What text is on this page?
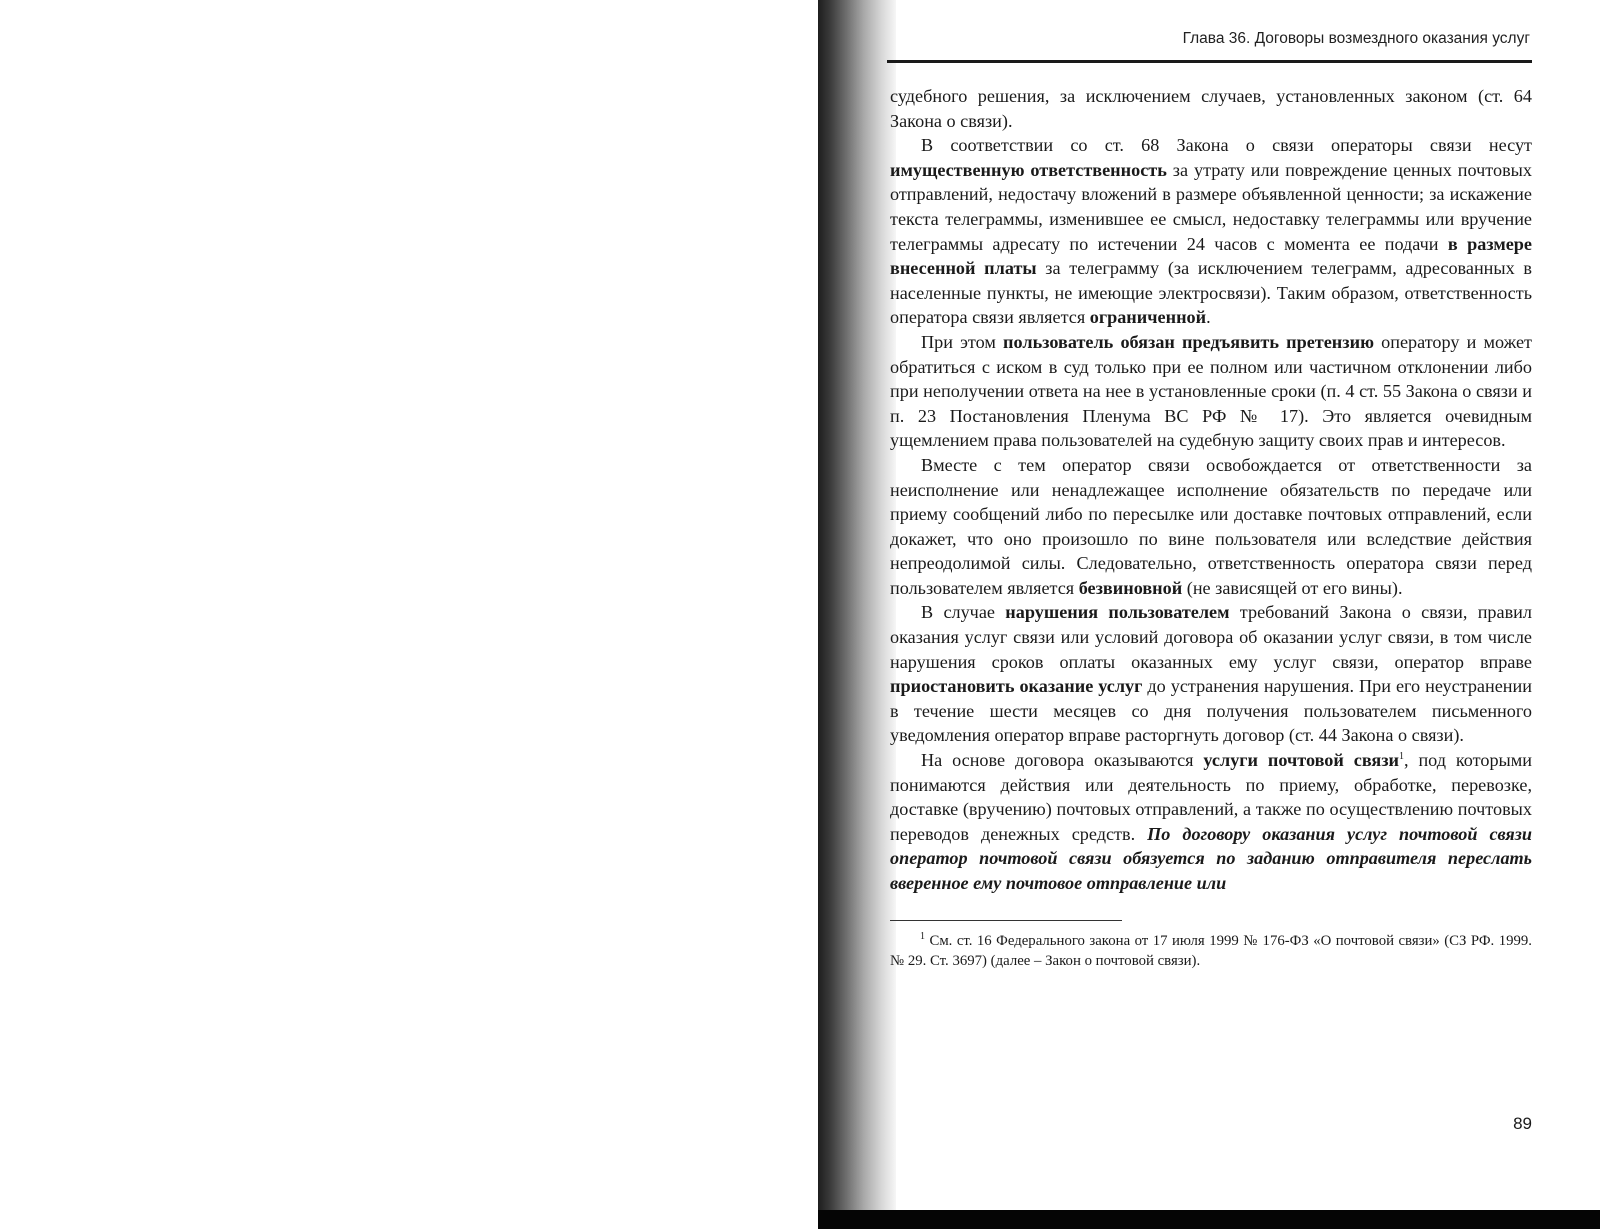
Глава 36. Договоры возмездного оказания услуг

судебного решения, за исключением случаев, установленных законом (ст. 64 Закона о связи).

В соответствии со ст. 68 Закона о связи операторы связи несут имущественную ответственность за утрату или повреждение ценных почтовых отправлений, недостачу вложений в размере объявленной ценности; за искажение текста телеграммы, изменившее ее смысл, недоставку телеграммы или вручение телеграммы адресату по истечении 24 часов с момента ее подачи в размере внесенной платы за телеграмму (за исключением телеграмм, адресованных в населенные пункты, не имеющие электросвязи). Таким образом, ответственность оператора связи является ограниченной.

При этом пользователь обязан предъявить претензию оператору и может обратиться с иском в суд только при ее полном или частичном отклонении либо при неполучении ответа на нее в установленные сроки (п. 4 ст. 55 Закона о связи и п. 23 Постановления Пленума ВС РФ № 17). Это является очевидным ущемлением права пользователей на судебную защиту своих прав и интересов.

Вместе с тем оператор связи освобождается от ответственности за неисполнение или ненадлежащее исполнение обязательств по передаче или приему сообщений либо по пересылке или доставке почтовых отправлений, если докажет, что оно произошло по вине пользователя или вследствие действия непреодолимой силы. Следовательно, ответственность оператора связи перед пользователем является безвиновной (не зависящей от его вины).

В случае нарушения пользователем требований Закона о связи, правил оказания услуг связи или условий договора об оказании услуг связи, в том числе нарушения сроков оплаты оказанных ему услуг связи, оператор вправе приостановить оказание услуг до устранения нарушения. При его неустранении в течение шести месяцев со дня получения пользователем письменного уведомления оператор вправе расторгнуть договор (ст. 44 Закона о связи).

На основе договора оказываются услуги почтовой связи$^1$, под которыми понимаются действия или деятельность по приему, обработке, перевозке, доставке (вручению) почтовых отправлений, а также по осуществлению почтовых переводов денежных средств. По договору оказания услуг почтовой связи оператор почтовой связи обязуется по заданию отправителя переслать вверенное ему почтовое отправление или

$^1$ См. ст. 16 Федерального закона от 17 июля 1999 № 176-ФЗ «О почтовой связи» (СЗ РФ. 1999. № 29. Ст. 3697) (далее – Закон о почтовой связи).
89
